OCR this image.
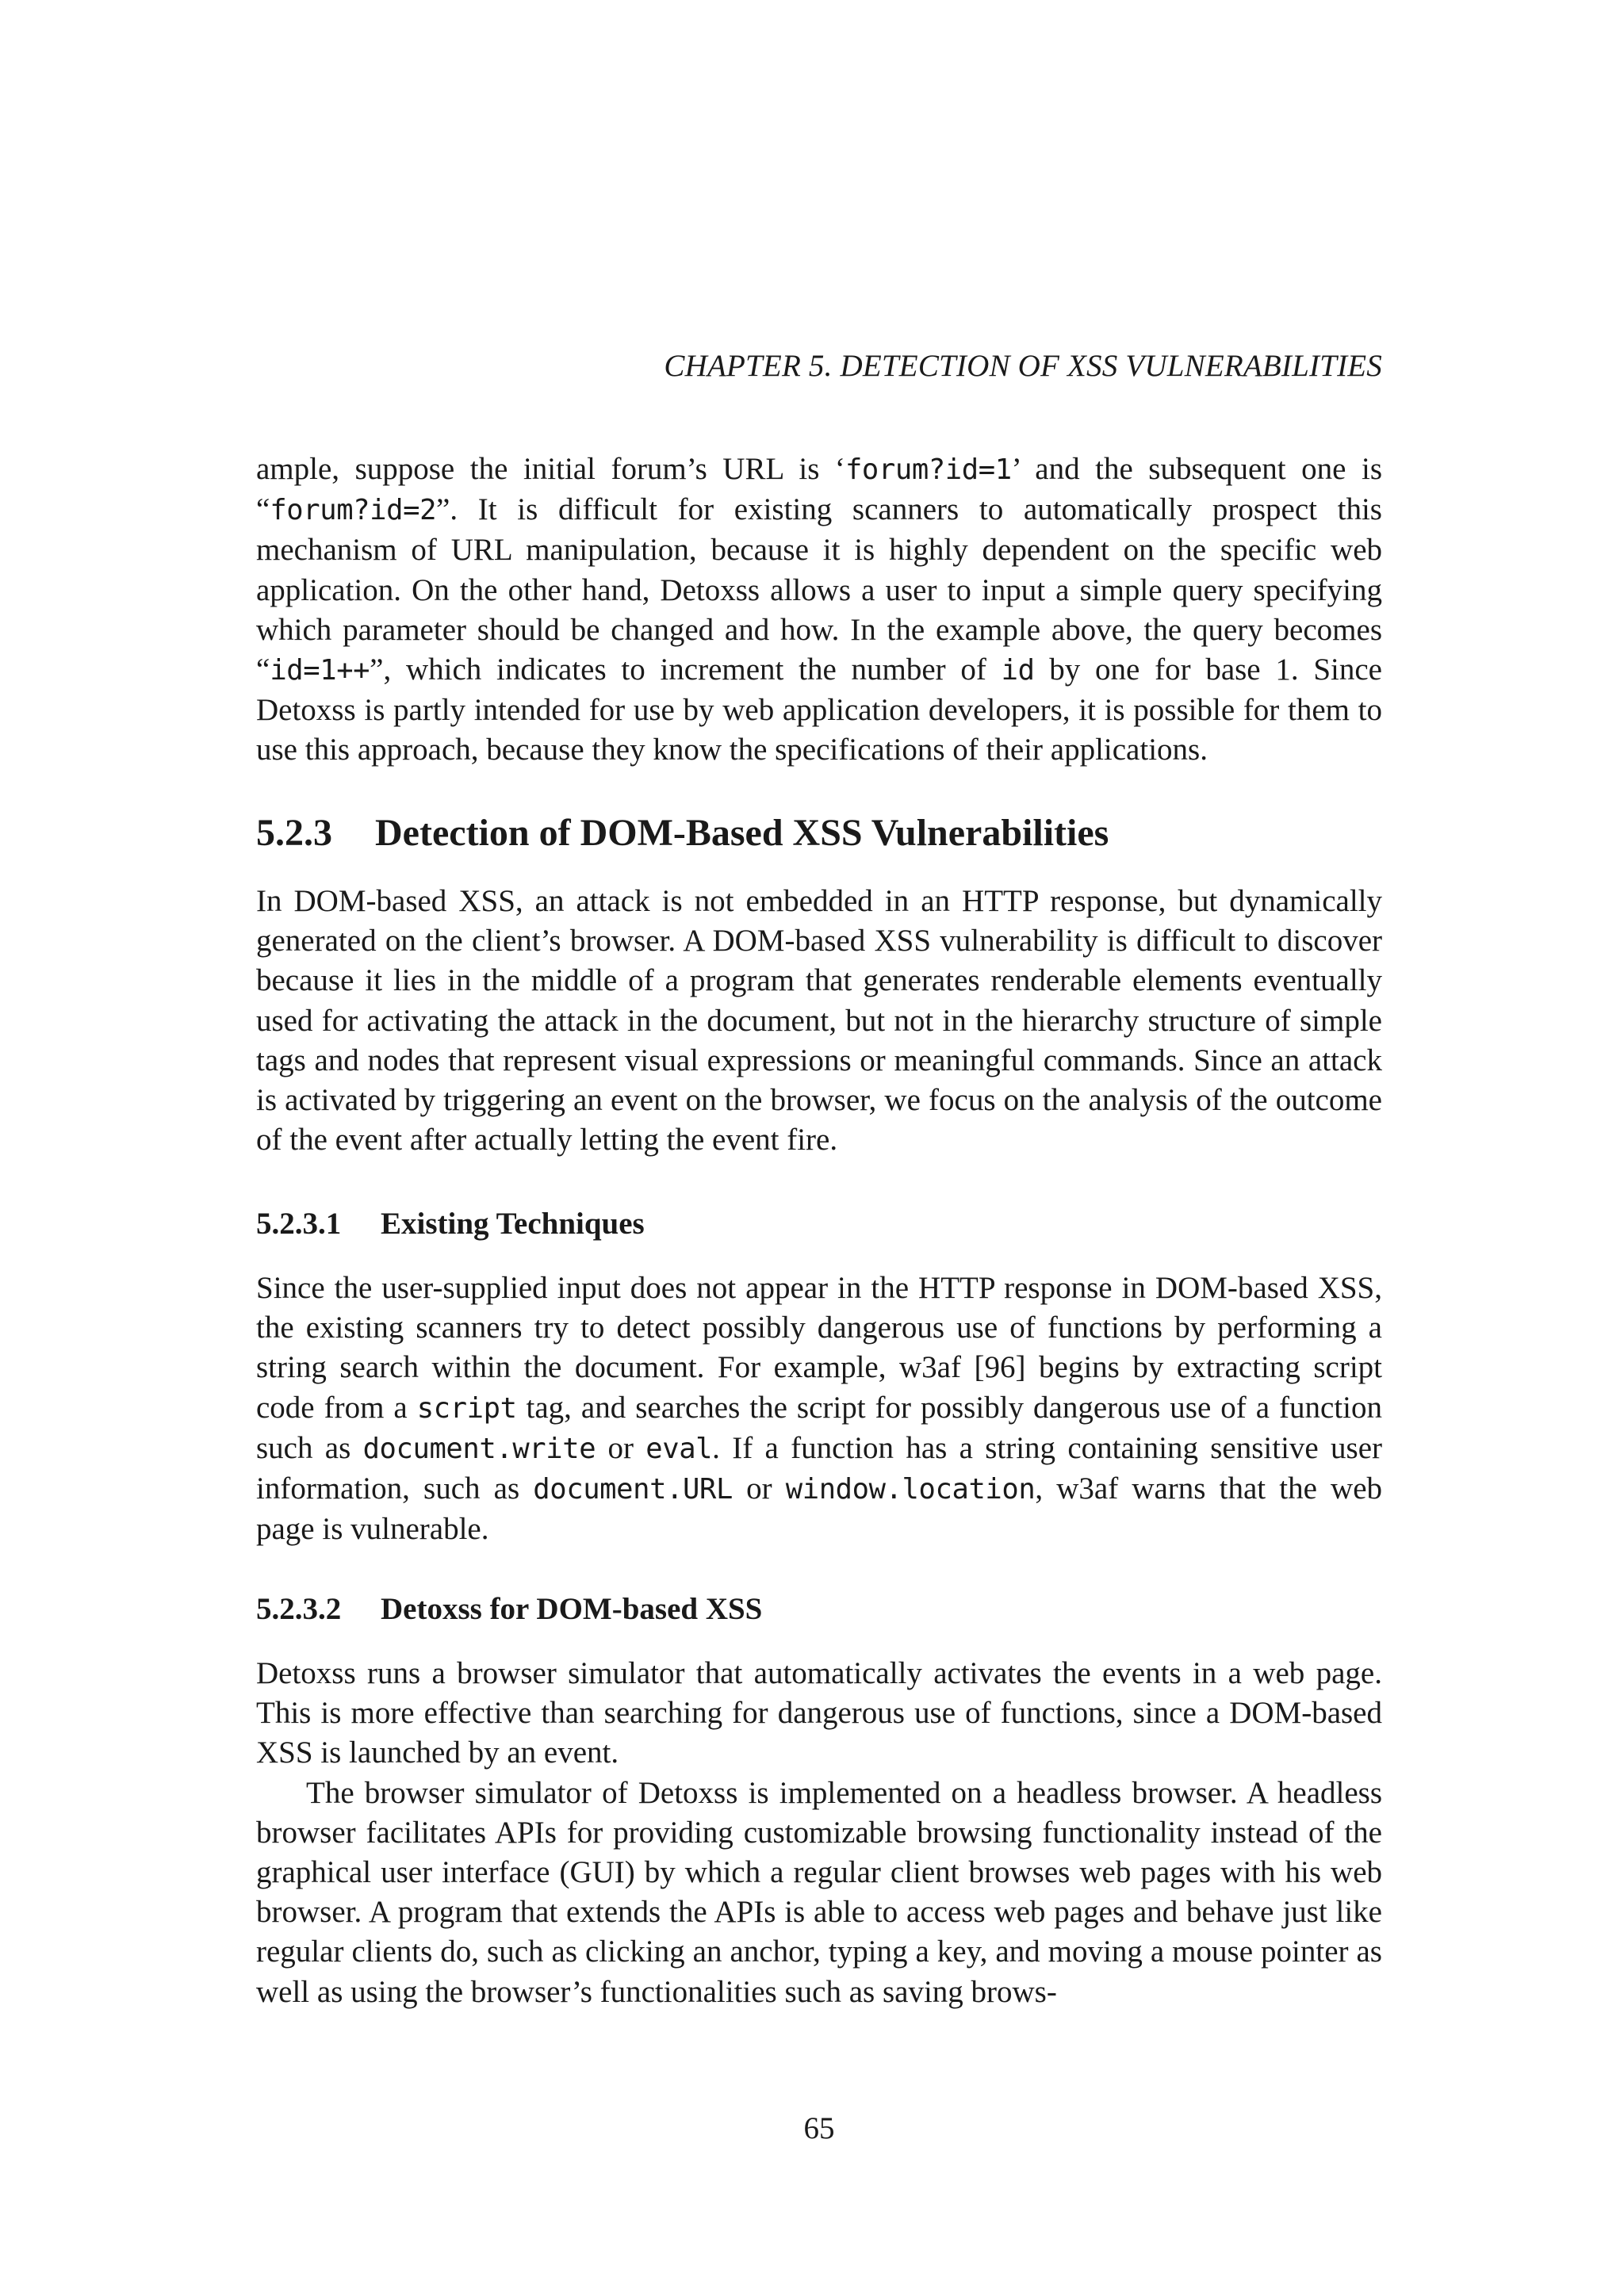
CHAPTER 5. DETECTION OF XSS VULNERABILITIES

ample, suppose the initial forum’s URL is ‘forum?id=1’ and the subsequent one is “forum?id=2”. It is difficult for existing scanners to automatically prospect this mechanism of URL manipulation, because it is highly dependent on the specific web application. On the other hand, Detoxss allows a user to input a simple query specifying which parameter should be changed and how. In the example above, the query becomes “id=1++”, which indicates to increment the number of id by one for base 1. Since Detoxss is partly intended for use by web application developers, it is possible for them to use this approach, because they know the specifications of their applications.

5.2.3 Detection of DOM-Based XSS Vulnerabilities

In DOM-based XSS, an attack is not embedded in an HTTP response, but dynamically generated on the client’s browser. A DOM-based XSS vulnerability is difficult to discover because it lies in the middle of a program that generates renderable elements eventually used for activating the attack in the document, but not in the hierarchy structure of simple tags and nodes that represent visual expressions or meaningful commands. Since an attack is activated by triggering an event on the browser, we focus on the analysis of the outcome of the event after actually letting the event fire.

5.2.3.1 Existing Techniques

Since the user-supplied input does not appear in the HTTP response in DOM-based XSS, the existing scanners try to detect possibly dangerous use of functions by performing a string search within the document. For example, w3af [96] begins by extracting script code from a script tag, and searches the script for possibly dangerous use of a function such as document.write or eval. If a function has a string containing sensitive user information, such as document.URL or window.location, w3af warns that the web page is vulnerable.

5.2.3.2 Detoxss for DOM-based XSS

Detoxss runs a browser simulator that automatically activates the events in a web page. This is more effective than searching for dangerous use of functions, since a DOM-based XSS is launched by an event.

The browser simulator of Detoxss is implemented on a headless browser. A headless browser facilitates APIs for providing customizable browsing functionality instead of the graphical user interface (GUI) by which a regular client browses web pages with his web browser. A program that extends the APIs is able to access web pages and behave just like regular clients do, such as clicking an anchor, typing a key, and moving a mouse pointer as well as using the browser’s functionalities such as saving brows-

65
